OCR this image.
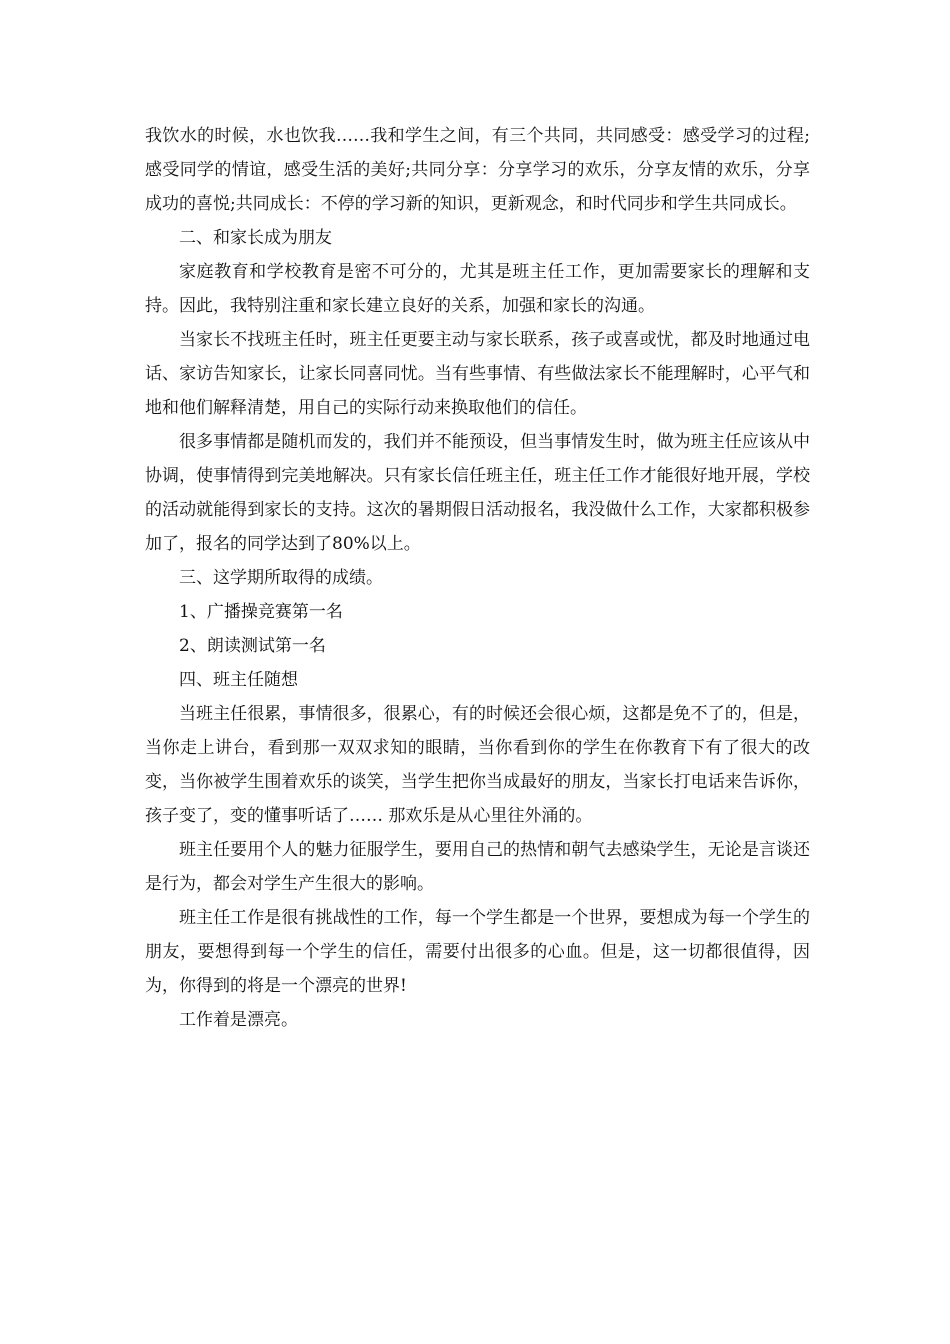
我饮水的时候，水也饮我……我和学生之间，有三个共同，共同感受：感受学习的过程;感受同学的情谊，感受生活的美好;共同分享：分享学习的欢乐，分享友情的欢乐，分享成功的喜悦;共同成长：不停的学习新的知识，更新观念，和时代同步和学生共同成长。

二、和家长成为朋友

家庭教育和学校教育是密不可分的，尤其是班主任工作，更加需要家长的理解和支持。因此，我特别注重和家长建立良好的关系，加强和家长的沟通。

当家长不找班主任时，班主任更要主动与家长联系，孩子或喜或忧，都及时地通过电话、家访告知家长，让家长同喜同忧。当有些事情、有些做法家长不能理解时，心平气和地和他们解释清楚，用自己的实际行动来换取他们的信任。

很多事情都是随机而发的，我们并不能预设，但当事情发生时，做为班主任应该从中协调，使事情得到完美地解决。只有家长信任班主任，班主任工作才能很好地开展，学校的活动就能得到家长的支持。这次的暑期假日活动报名，我没做什么工作，大家都积极参加了，报名的同学达到了80%以上。

三、这学期所取得的成绩。

1、广播操竞赛第一名

2、朗读测试第一名

四、班主任随想

当班主任很累，事情很多，很累心，有的时候还会很心烦，这都是免不了的，但是，当你走上讲台，看到那一双双求知的眼睛，当你看到你的学生在你教育下有了很大的改变，当你被学生围着欢乐的谈笑，当学生把你当成最好的朋友，当家长打电话来告诉你，孩子变了，变的懂事听话了…… 那欢乐是从心里往外涌的。

班主任要用个人的魅力征服学生，要用自己的热情和朝气去感染学生，无论是言谈还是行为，都会对学生产生很大的影响。

班主任工作是很有挑战性的工作，每一个学生都是一个世界，要想成为每一个学生的朋友，要想得到每一个学生的信任，需要付出很多的心血。但是，这一切都很值得，因为，你得到的将是一个漂亮的世界!

工作着是漂亮。
